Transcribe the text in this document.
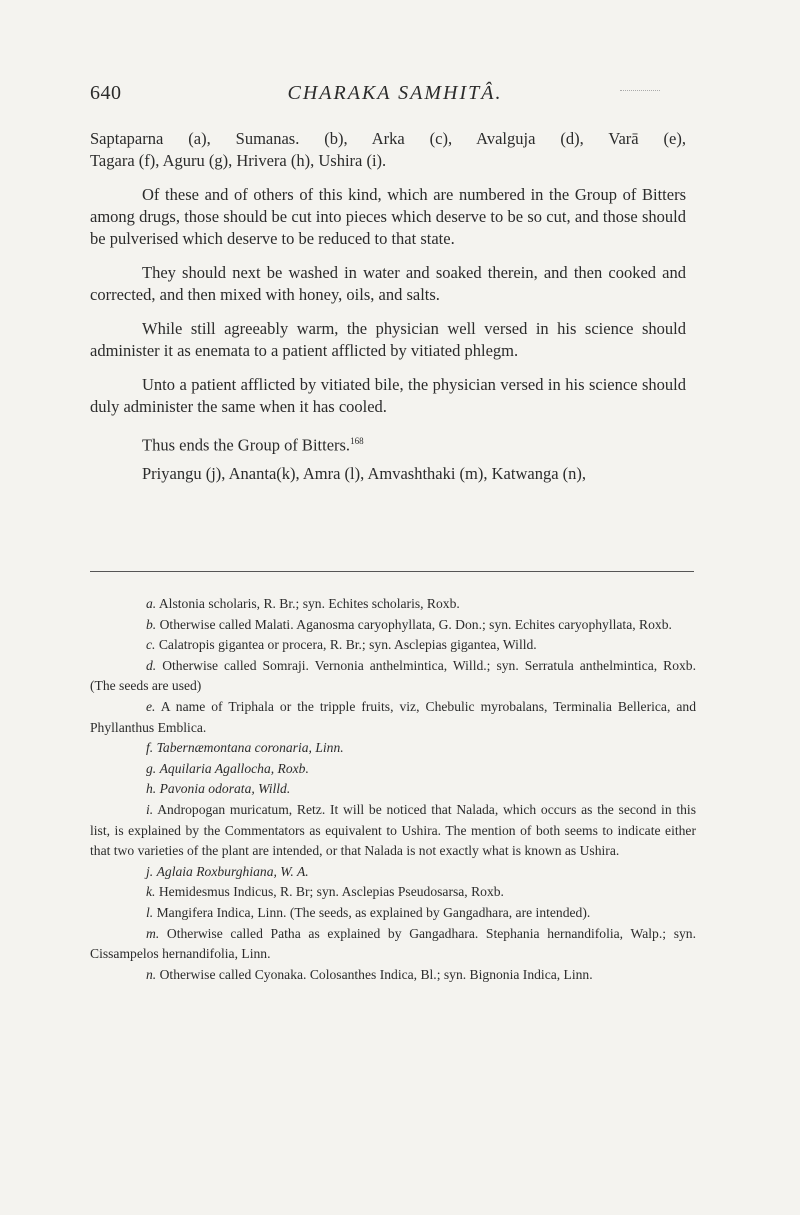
640	CHARAKA SAMHITÂ.

Saptaparna (a), Sumanas. (b), Arka (c), Avalguja (d), Varā (e),
Tagara (f), Aguru (g), Hrivera (h), Ushira (i).

Of these and of others of this kind, which are numbered in the Group of Bitters among drugs, those should be cut into pieces which deserve to be so cut, and those should be pulverised which deserve to be reduced to that state.

They should next be washed in water and soaked therein, and then cooked and corrected, and then mixed with honey, oils, and salts.

While still agreeably warm, the physician well versed in his science should administer it as enemata to a patient afflicted by vitiated phlegm.

Unto a patient afflicted by vitiated bile, the physician versed in his science should duly administer the same when it has cooled.

Thus ends the Group of Bitters.$^{168}$

Priyangu (j), Ananta(k), Amra (l), Amvashthaki (m), Katwanga (n),

a. Alstonia scholaris, R. Br.; syn. Echites scholaris, Roxb.

b. Otherwise called Malati. Aganosma caryophyllata, G. Don.; syn. Echites caryophyllata, Roxb.

c. Calatropis gigantea or procera, R. Br.; syn. Asclepias gigantea, Willd.

d. Otherwise called Somraji. Vernonia anthelmintica, Willd.; syn. Serratula anthelmintica, Roxb. (The seeds are used)

e. A name of Triphala or the tripple fruits, viz, Chebulic myrobalans, Terminalia Bellerica, and Phyllanthus Emblica.

f. Tabernæmontana coronaria, Linn.

g. Aquilaria Agallocha, Roxb.

h. Pavonia odorata, Willd.

i. Andropogan muricatum, Retz. It will be noticed that Nalada, which occurs as the second in this list, is explained by the Commentators as equivalent to Ushira. The mention of both seems to indicate either that two varieties of the plant are intended, or that Nalada is not exactly what is known as Ushira.

j. Aglaia Roxburghiana, W. A.

k. Hemidesmus Indicus, R. Br; syn. Asclepias Pseudosarsa, Roxb.

l. Mangifera Indica, Linn. (The seeds, as explained by Gangadhara, are intended).

m. Otherwise called Patha as explained by Gangadhara. Stephania hernandifolia, Walp.; syn. Cissampelos hernandifolia, Linn.

n. Otherwise called Cyonaka. Colosanthes Indica, Bl.; syn. Bignonia Indica, Linn.
